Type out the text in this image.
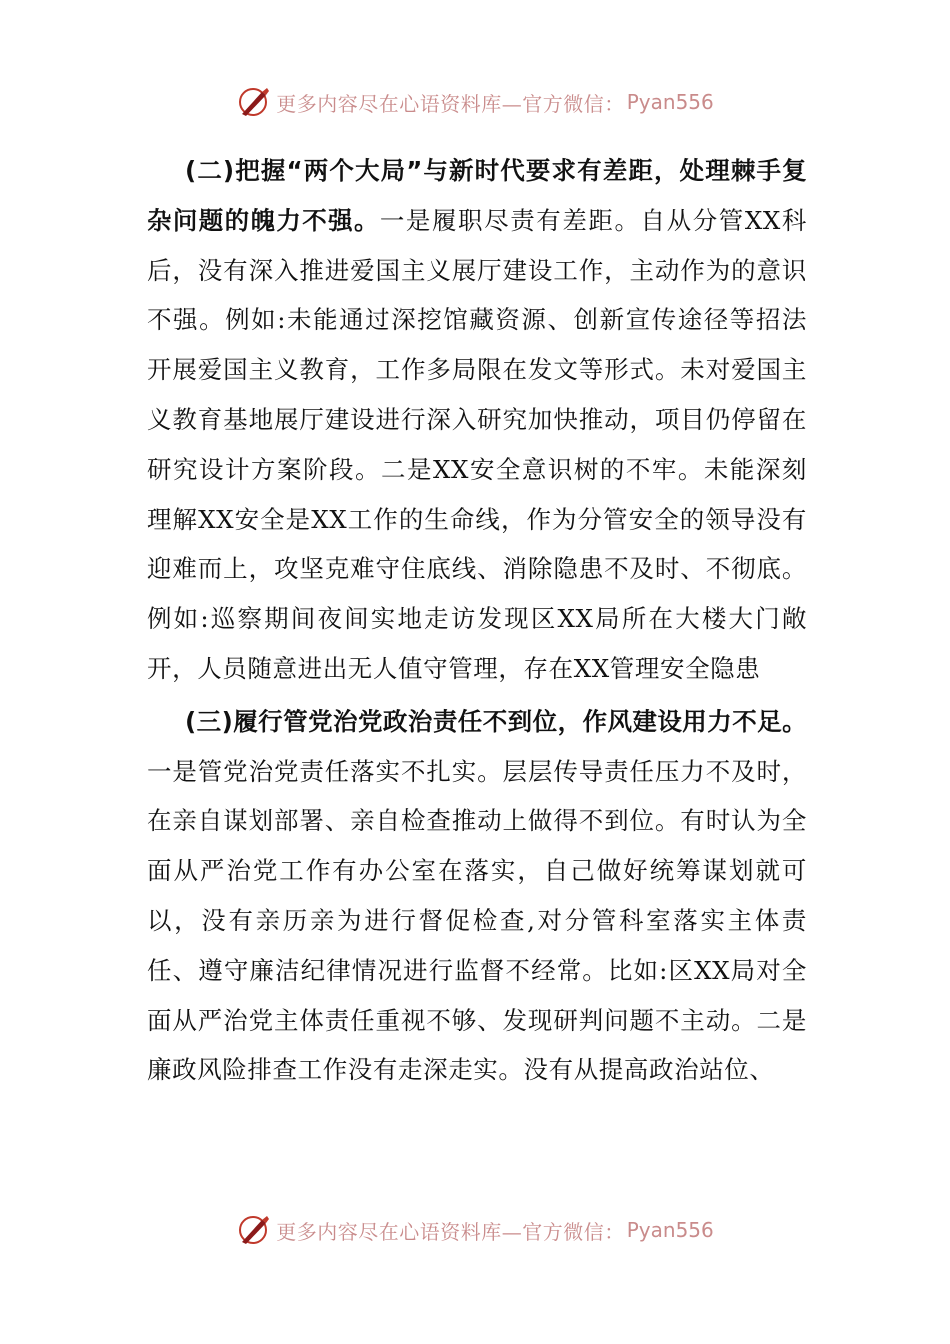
更多内容尽在心语资料库—官方微信： Pyan556

(二)把握“两个大局”与新时代要求有差距，处理棘手复杂问题的魄力不强。一是履职尽责有差距。自从分管XX科后，没有深入推进爱国主义展厅建设工作，主动作为的意识不强。例如:未能通过深挖馆藏资源、创新宣传途径等招法开展爱国主义教育，工作多局限在发文等形式。未对爱国主义教育基地展厅建设进行深入研究加快推动，项目仍停留在研究设计方案阶段。二是XX安全意识树的不牢。未能深刻理解XX安全是XX工作的生命线，作为分管安全的领导没有迎难而上，攻坚克难守住底线、消除隐患不及时、不彻底。例如:巡察期间夜间实地走访发现区XX局所在大楼大门敞开，人员随意进出无人值守管理，存在XX管理安全隐患

(三)履行管党治党政治责任不到位，作风建设用力不足。一是管党治党责任落实不扎实。层层传导责任压力不及时，在亲自谋划部署、亲自检查推动上做得不到位。有时认为全面从严治党工作有办公室在落实，自己做好统筹谋划就可以，没有亲历亲为进行督促检查,对分管科室落实主体责任、遵守廉洁纪律情况进行监督不经常。比如:区XX局对全面从严治党主体责任重视不够、发现研判问题不主动。二是廉政风险排查工作没有走深走实。没有从提高政治站位、

更多内容尽在心语资料库—官方微信： Pyan556
